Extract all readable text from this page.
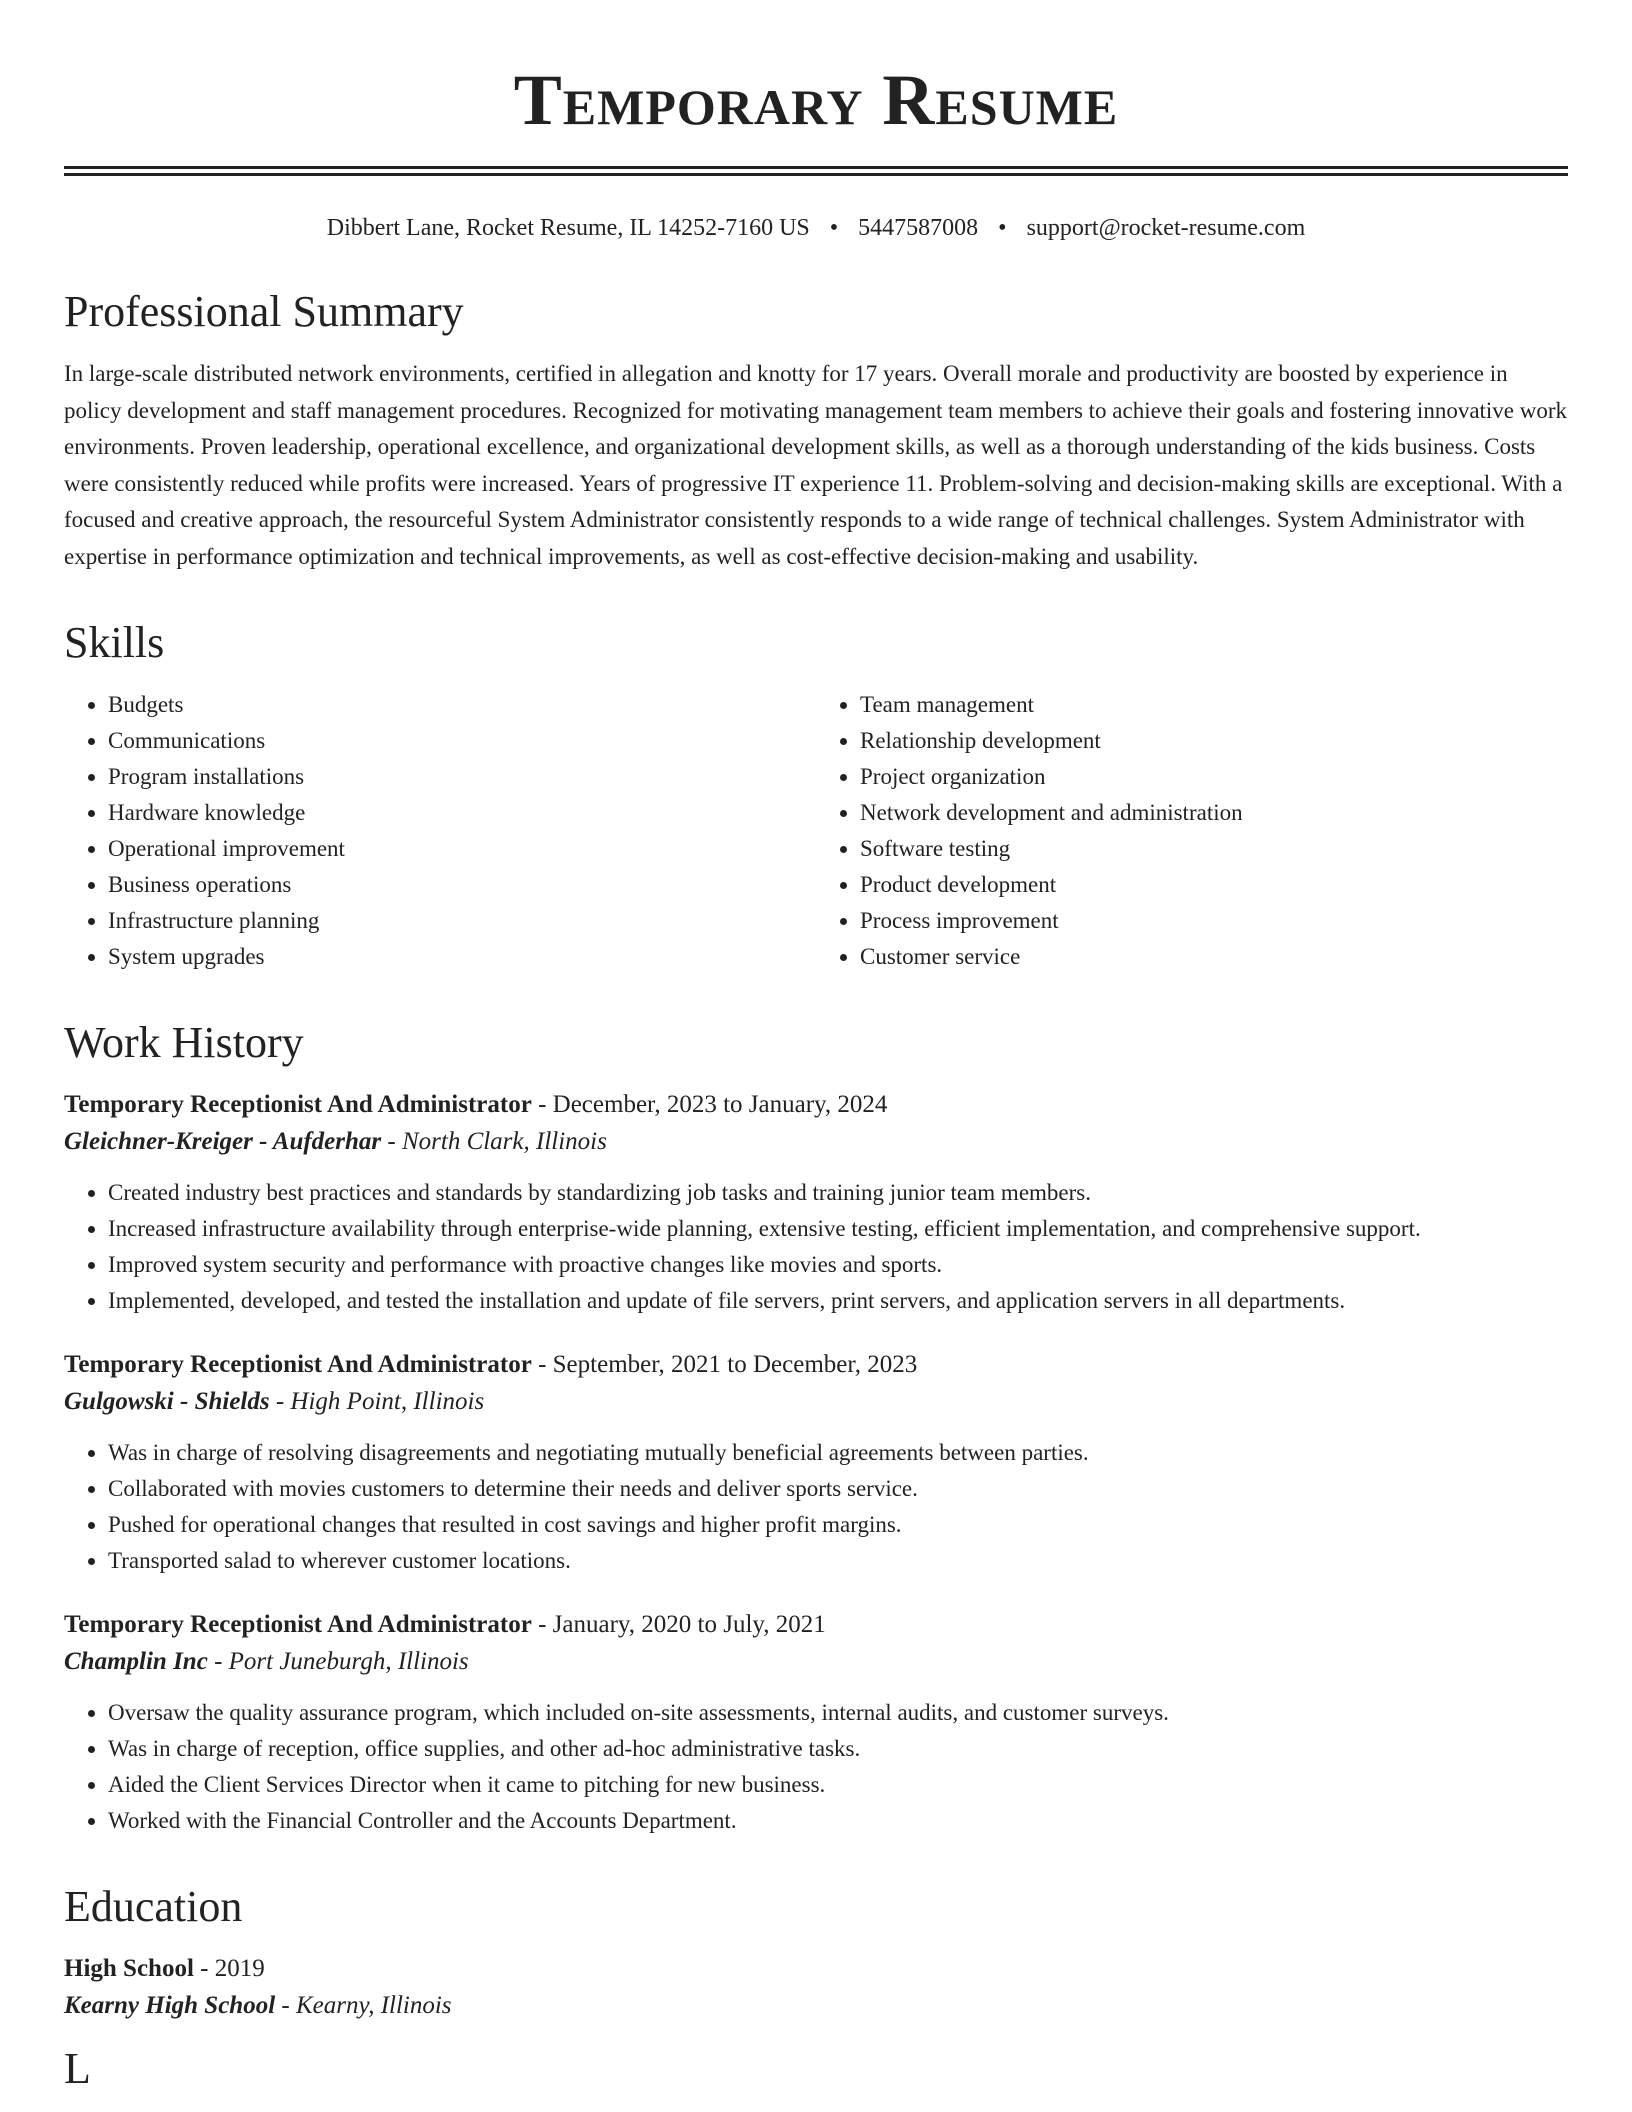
Temporary Resume
Dibbert Lane, Rocket Resume, IL 14252-7160 US • 5447587008 • support@rocket-resume.com
Professional Summary

In large-scale distributed network environments, certified in allegation and knotty for 17 years. Overall morale and productivity are boosted by experience in policy development and staff management procedures. Recognized for motivating management team members to achieve their goals and fostering innovative work environments. Proven leadership, operational excellence, and organizational development skills, as well as a thorough understanding of the kids business. Costs were consistently reduced while profits were increased. Years of progressive IT experience 11. Problem-solving and decision-making skills are exceptional. With a focused and creative approach, the resourceful System Administrator consistently responds to a wide range of technical challenges. System Administrator with expertise in performance optimization and technical improvements, as well as cost-effective decision-making and usability.

Skills
• Budgets
• Communications
• Program installations
• Hardware knowledge
• Operational improvement
• Business operations
• Infrastructure planning
• System upgrades
• Team management
• Relationship development
• Project organization
• Network development and administration
• Software testing
• Product development
• Process improvement
• Customer service
Work History

Temporary Receptionist And Administrator - December, 2023 to January, 2024

Gleichner-Kreiger - Aufderhar - North Clark, Illinois

• Created industry best practices and standards by standardizing job tasks and training junior team members.
• Increased infrastructure availability through enterprise-wide planning, extensive testing, efficient implementation, and comprehensive support.
• Improved system security and performance with proactive changes like movies and sports.
• Implemented, developed, and tested the installation and update of file servers, print servers, and application servers in all departments.

Temporary Receptionist And Administrator - September, 2021 to December, 2023

Gulgowski - Shields - High Point, Illinois

• Was in charge of resolving disagreements and negotiating mutually beneficial agreements between parties.
• Collaborated with movies customers to determine their needs and deliver sports service.
• Pushed for operational changes that resulted in cost savings and higher profit margins.
• Transported salad to wherever customer locations.

Temporary Receptionist And Administrator - January, 2020 to July, 2021

Champlin Inc - Port Juneburgh, Illinois

• Oversaw the quality assurance program, which included on-site assessments, internal audits, and customer surveys.
• Was in charge of reception, office supplies, and other ad-hoc administrative tasks.
• Aided the Client Services Director when it came to pitching for new business.
• Worked with the Financial Controller and the Accounts Department.
Education

High School - 2019

Kearny High School - Kearny, Illinois

L
